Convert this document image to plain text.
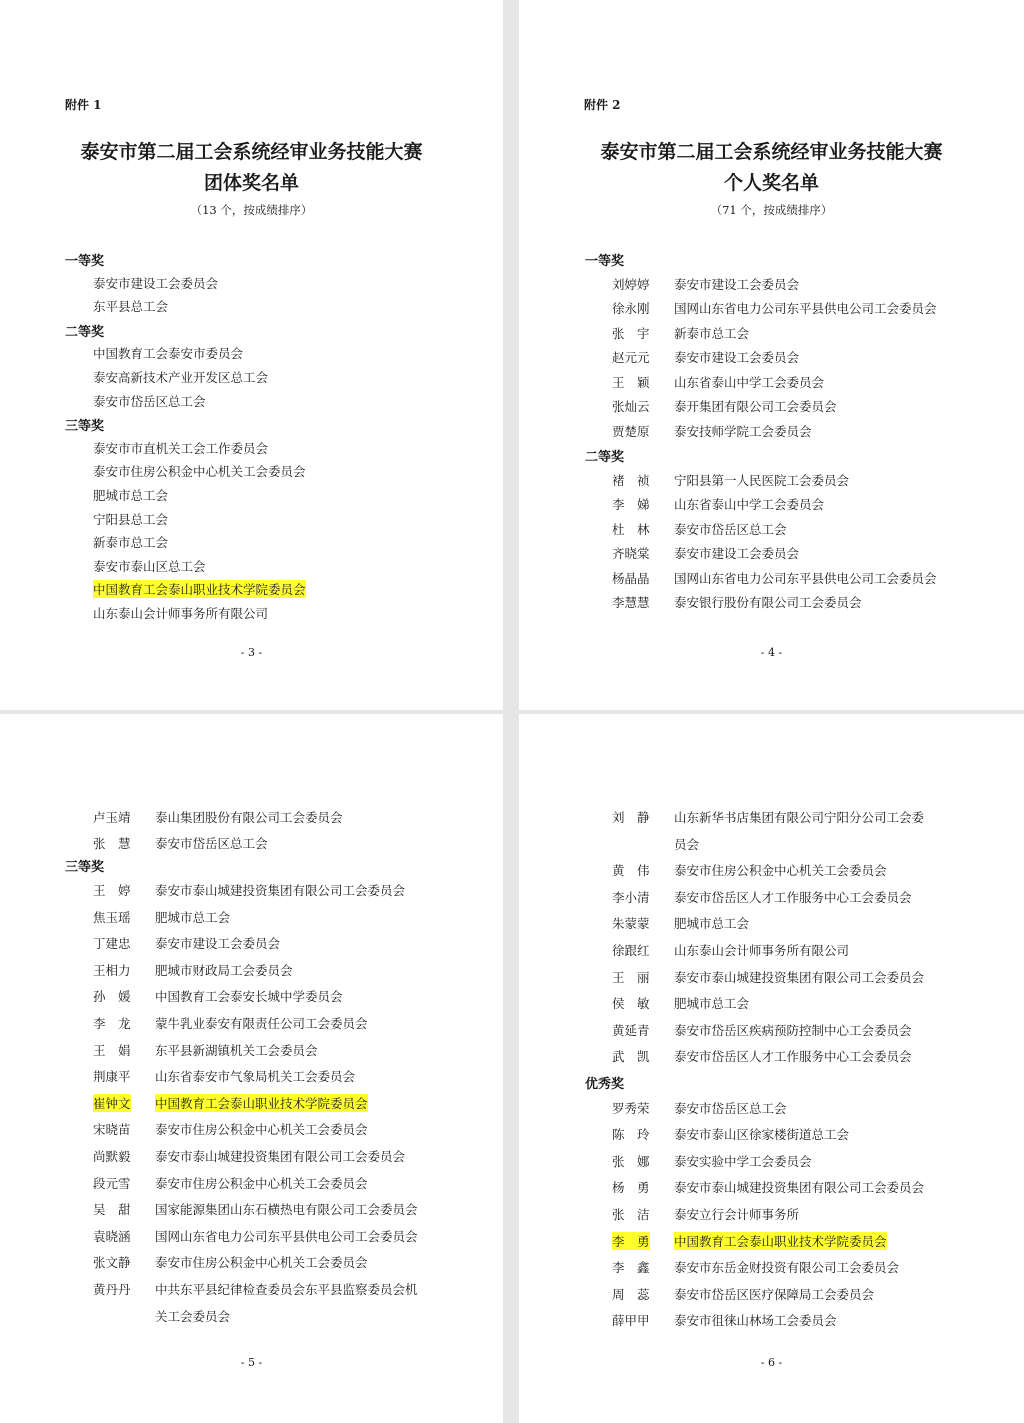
附件 1
泰安市第二届工会系统经审业务技能大赛
团体奖名单
（13 个，按成绩排序）
一等奖
泰安市建设工会委员会
东平县总工会
二等奖
中国教育工会泰安市委员会
泰安高新技术产业开发区总工会
泰安市岱岳区总工会
三等奖
泰安市市直机关工会工作委员会
泰安市住房公积金中心机关工会委员会
肥城市总工会
宁阳县总工会
新泰市总工会
泰安市泰山区总工会
中国教育工会泰山职业技术学院委员会
山东泰山会计师事务所有限公司
- 3 -
附件 2
泰安市第二届工会系统经审业务技能大赛
个人奖名单
（71 个，按成绩排序）
一等奖
刘婷婷 泰安市建设工会委员会
徐永刚 国网山东省电力公司东平县供电公司工会委员会
张　宇 新泰市总工会
赵元元 泰安市建设工会委员会
王　颖 山东省泰山中学工会委员会
张灿云 泰开集团有限公司工会委员会
贾楚原 泰安技师学院工会委员会
二等奖
褚　祯 宁阳县第一人民医院工会委员会
李　娣 山东省泰山中学工会委员会
杜　林 泰安市岱岳区总工会
齐晓棠 泰安市建设工会委员会
杨晶晶 国网山东省电力公司东平县供电公司工会委员会
李慧慧 泰安银行股份有限公司工会委员会
- 4 -
卢玉靖 泰山集团股份有限公司工会委员会
张　慧 泰安市岱岳区总工会
三等奖
王　婷 泰安市泰山城建投资集团有限公司工会委员会
焦玉瑶 肥城市总工会
丁建忠 泰安市建设工会委员会
王相力 肥城市财政局工会委员会
孙　媛 中国教育工会泰安长城中学委员会
李　龙 蒙牛乳业泰安有限责任公司工会委员会
王　娟 东平县新湖镇机关工会委员会
荆康平 山东省泰安市气象局机关工会委员会
崔钟文 中国教育工会泰山职业技术学院委员会
宋晓苗 泰安市住房公积金中心机关工会委员会
尚默毅 泰安市泰山城建投资集团有限公司工会委员会
段元雪 泰安市住房公积金中心机关工会委员会
吴　甜 国家能源集团山东石横热电有限公司工会委员会
袁晓涵 国网山东省电力公司东平县供电公司工会委员会
张文静 泰安市住房公积金中心机关工会委员会
黄丹丹 中共东平县纪律检查委员会东平县监察委员会机
关工会委员会
- 5 -
刘　静 山东新华书店集团有限公司宁阳分公司工会委
员会
黄　伟 泰安市住房公积金中心机关工会委员会
李小清 泰安市岱岳区人才工作服务中心工会委员会
朱蒙蒙 肥城市总工会
徐跟红 山东泰山会计师事务所有限公司
王　丽 泰安市泰山城建投资集团有限公司工会委员会
侯　敏 肥城市总工会
黄延青 泰安市岱岳区疾病预防控制中心工会委员会
武　凯 泰安市岱岳区人才工作服务中心工会委员会
优秀奖
罗秀荣 泰安市岱岳区总工会
陈　玲 泰安市泰山区徐家楼街道总工会
张　娜 泰安实验中学工会委员会
杨　勇 泰安市泰山城建投资集团有限公司工会委员会
张　洁 泰安立行会计师事务所
李　勇 中国教育工会泰山职业技术学院委员会
李　鑫 泰安市东岳金财投资有限公司工会委员会
周　蕊 泰安市岱岳区医疗保障局工会委员会
薛甲甲 泰安市徂徕山林场工会委员会
- 6 -
